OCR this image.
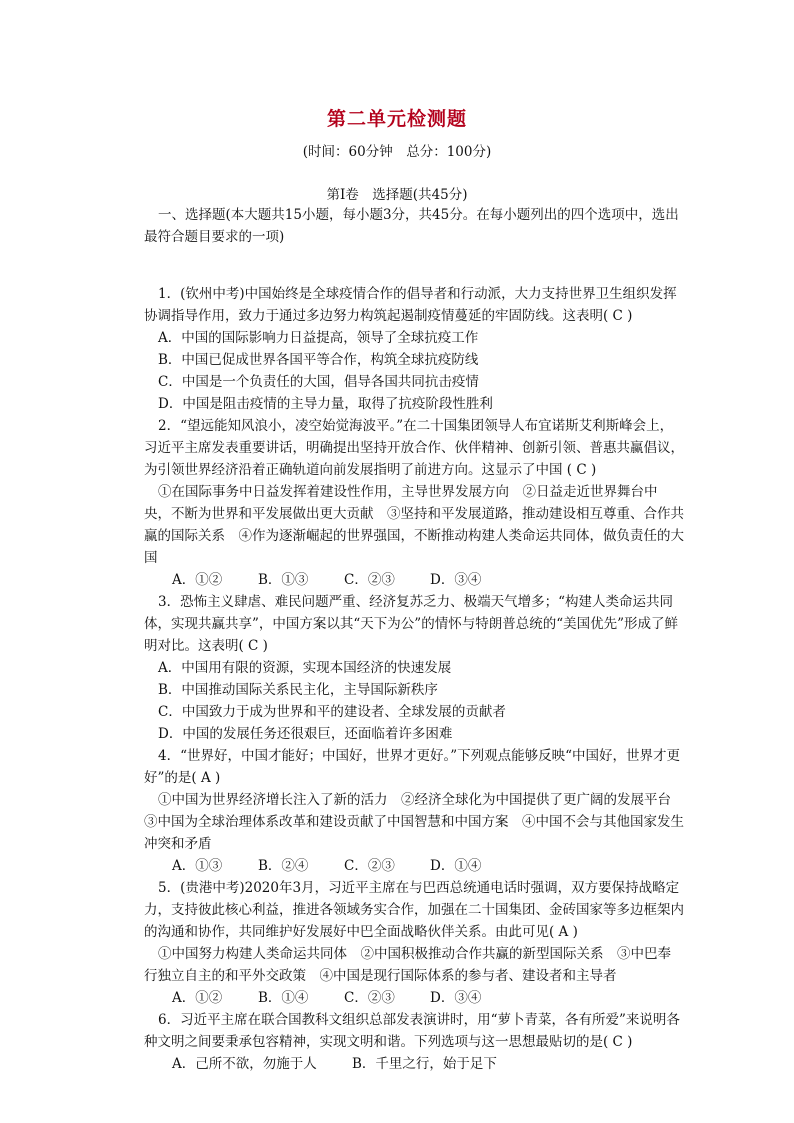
第二单元检测题
(时间：60分钟　总分：100分)
第Ⅰ卷　选择题(共45分)
一、选择题(本大题共15小题，每小题3分，共45分。在每小题列出的四个选项中，选出最符合题目要求的一项)

1．(钦州中考)中国始终是全球疫情合作的倡导者和行动派，大力支持世界卫生组织发挥协调指导作用，致力于通过多边努力构筑起遏制疫情蔓延的牢固防线。这表明( C )

A．中国的国际影响力日益提高，领导了全球抗疫工作

B．中国已促成世界各国平等合作，构筑全球抗疫防线

C．中国是一个负责任的大国，倡导各国共同抗击疫情

D．中国是阻击疫情的主导力量，取得了抗疫阶段性胜利

2．“望远能知风浪小，凌空始觉海波平。”在二十国集团领导人布宜诺斯艾利斯峰会上，习近平主席发表重要讲话，明确提出坚持开放合作、伙伴精神、创新引领、普惠共赢倡议，为引领世界经济沿着正确轨道向前发展指明了前进方向。这显示了中国 ( C )

①在国际事务中日益发挥着建设性作用，主导世界发展方向　②日益走近世界舞台中央，不断为世界和平发展做出更大贡献　③坚持和平发展道路，推动建设相互尊重、合作共赢的国际关系　④作为逐渐崛起的世界强国，不断推动构建人类命运共同体，做负责任的大国

A．①②	B．①③	C．②③	D．③④

3．恐怖主义肆虐、难民问题严重、经济复苏乏力、极端天气增多；“构建人类命运共同体，实现共赢共享”，中国方案以其“天下为公”的情怀与特朗普总统的“美国优先”形成了鲜明对比。这表明( C )

A．中国用有限的资源，实现本国经济的快速发展

B．中国推动国际关系民主化，主导国际新秩序

C．中国致力于成为世界和平的建设者、全球发展的贡献者

D．中国的发展任务还很艰巨，还面临着许多困难

4．“世界好，中国才能好；中国好，世界才更好。”下列观点能够反映“中国好，世界才更好”的是( A )

①中国为世界经济增长注入了新的活力　②经济全球化为中国提供了更广阔的发展平台　③中国为全球治理体系改革和建设贡献了中国智慧和中国方案　④中国不会与其他国家发生冲突和矛盾

A．①③	B．②④	C．②③	D．①④

5．(贵港中考)2020年3月，习近平主席在与巴西总统通电话时强调，双方要保持战略定力，支持彼此核心利益，推进各领域务实合作，加强在二十国集团、金砖国家等多边框架内的沟通和协作，共同维护好发展好中巴全面战略伙伴关系。由此可见( A )

①中国努力构建人类命运共同体　②中国积极推动合作共赢的新型国际关系　③中巴奉行独立自主的和平外交政策　④中国是现行国际体系的参与者、建设者和主导者

A．①②	B．①④	C．②③	D．③④

6．习近平主席在联合国教科文组织总部发表演讲时，用“萝卜青菜，各有所爱”来说明各种文明之间要秉承包容精神，实现文明和谐。下列选项与这一思想最贴切的是( C )

A．己所不欲，勿施于人	B．千里之行，始于足下
